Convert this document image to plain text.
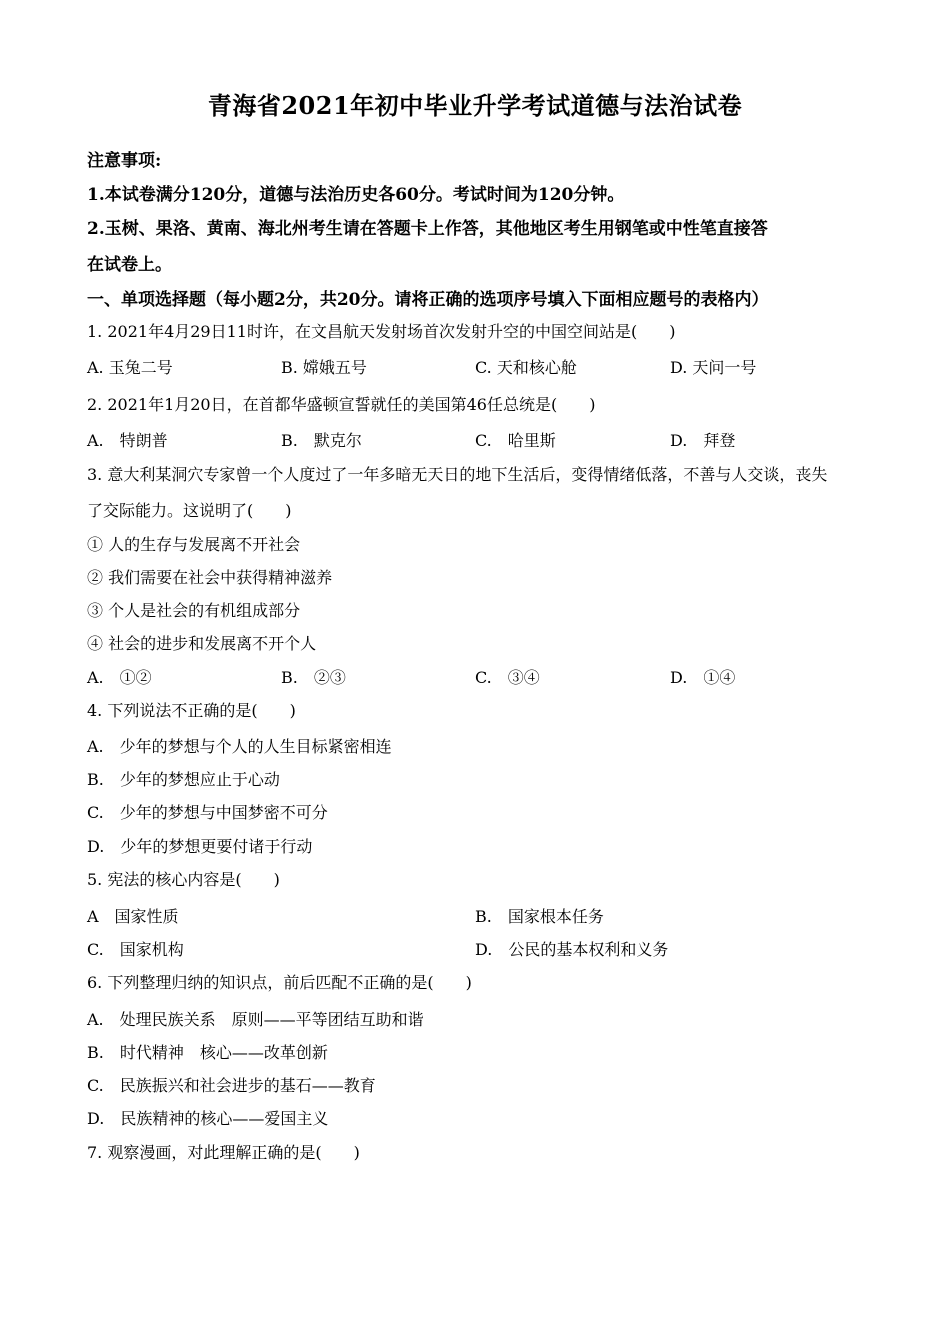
青海省2021年初中毕业升学考试道德与法治试卷
注意事项:
1.本试卷满分120分，道德与法治历史各60分。考试时间为120分钟。
2.玉树、果洛、黄南、海北州考生请在答题卡上作答，其他地区考生用钢笔或中性笔直接答
在试卷上。
一、单项选择题（每小题2分，共20分。请将正确的选项序号填入下面相应题号的表格内）
1. 2021年4月29日11时许，在文昌航天发射场首次发射升空的中国空间站是(　　)
A. 玉兔二号	B. 嫦娥五号	C. 天和核心舱	D. 天问一号
2. 2021年1月20日，在首都华盛顿宣誓就任的美国第46任总统是(　　)
A.　特朗普	B.　默克尔	C.　哈里斯	D.　拜登
3. 意大利某洞穴专家曾一个人度过了一年多暗无天日的地下生活后，变得情绪低落，不善与人交谈，丧失
了交际能力。这说明了(　　)
① 人的生存与发展离不开社会
② 我们需要在社会中获得精神滋养
③ 个人是社会的有机组成部分
④ 社会的进步和发展离不开个人
A.　①②	B.　②③	C.　③④	D.　①④
4. 下列说法不正确的是(　　)
A.　少年的梦想与个人的人生目标紧密相连
B.　少年的梦想应止于心动
C.　少年的梦想与中国梦密不可分
D.　少年的梦想更要付诸于行动
5. 宪法的核心内容是(　　)
A　国家性质	B.　国家根本任务
C.　国家机构	D.　公民的基本权利和义务
6. 下列整理归纳的知识点，前后匹配不正确的是(　　)
A.　处理民族关系　原则——平等团结互助和谐
B.　时代精神　核心——改革创新
C.　民族振兴和社会进步的基石——教育
D.　民族精神的核心——爱国主义
7. 观察漫画，对此理解正确的是(　　)
